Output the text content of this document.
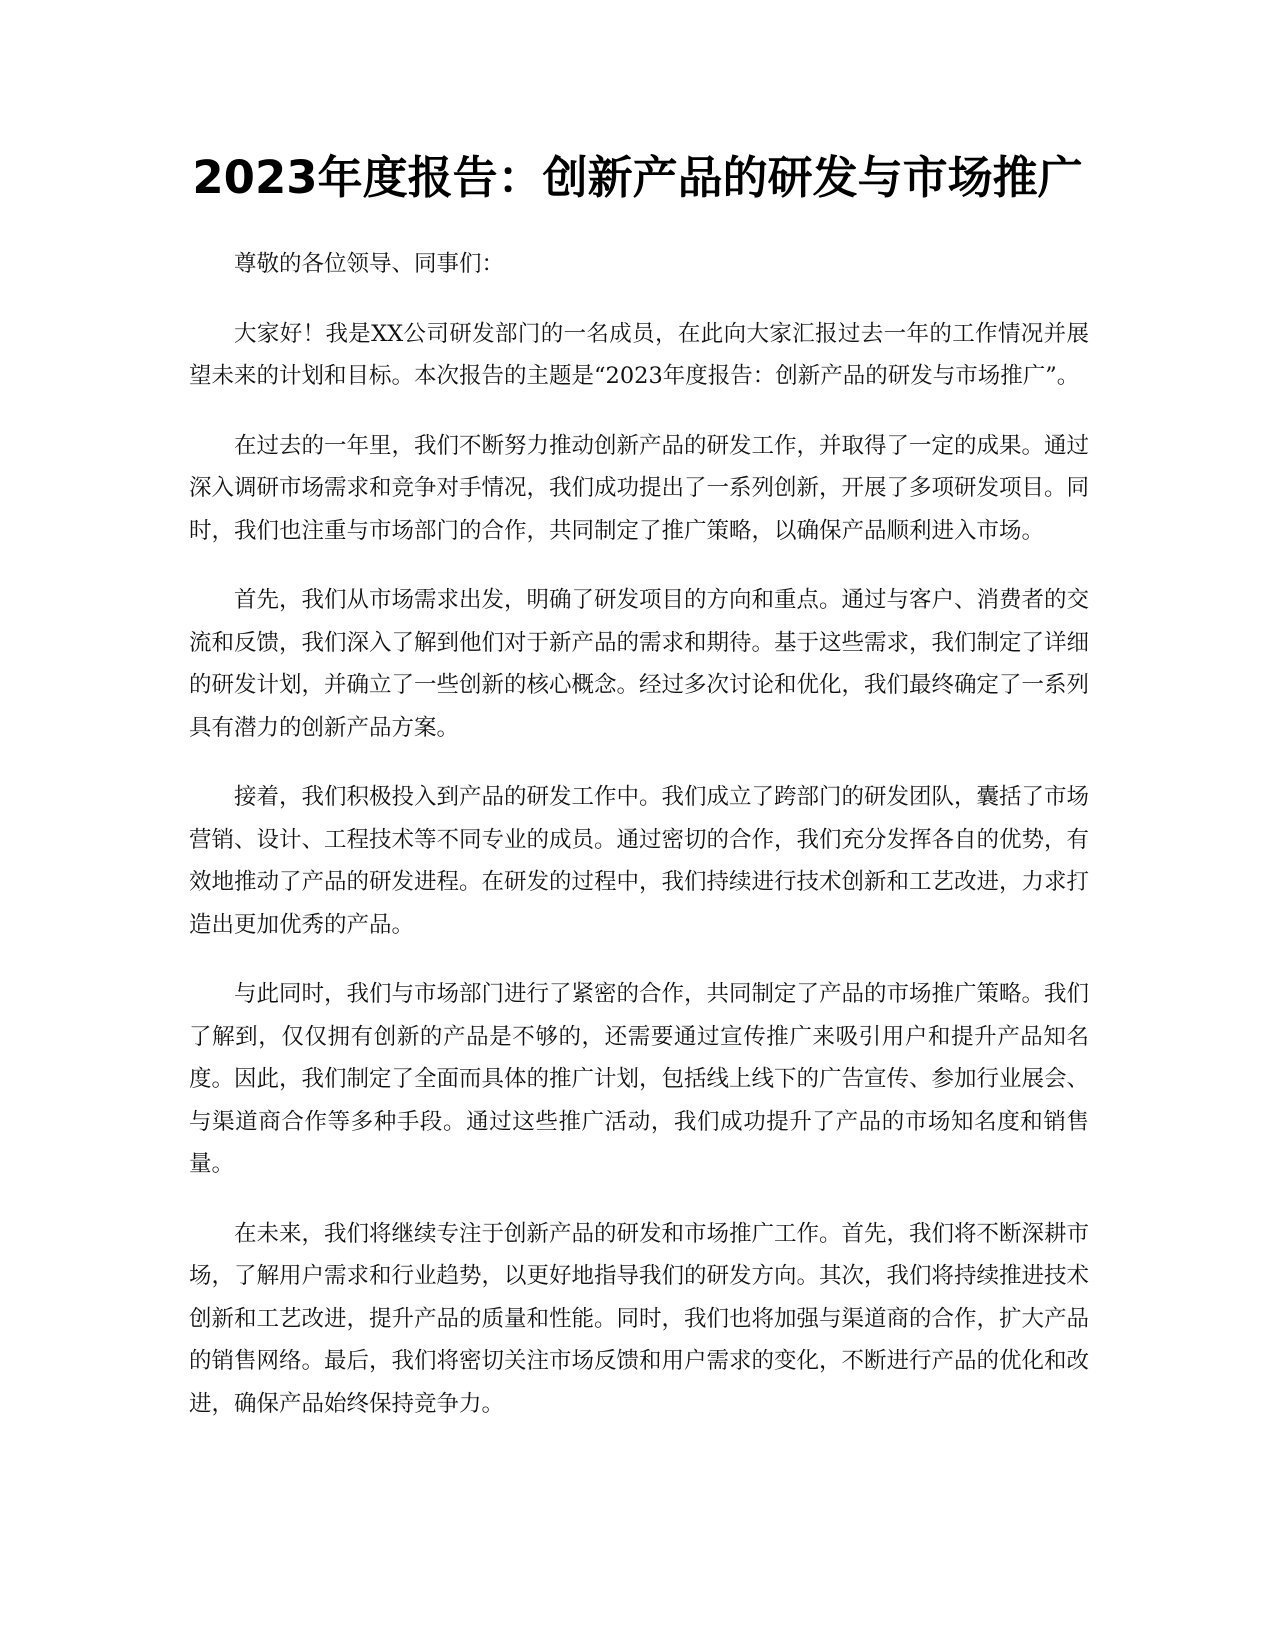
2023年度报告：创新产品的研发与市场推广

尊敬的各位领导、同事们：

大家好！我是XX公司研发部门的一名成员，在此向大家汇报过去一年的工作情况并展望未来的计划和目标。本次报告的主题是“2023年度报告：创新产品的研发与市场推广”。

在过去的一年里，我们不断努力推动创新产品的研发工作，并取得了一定的成果。通过深入调研市场需求和竞争对手情况，我们成功提出了一系列创新，开展了多项研发项目。同时，我们也注重与市场部门的合作，共同制定了推广策略，以确保产品顺利进入市场。

首先，我们从市场需求出发，明确了研发项目的方向和重点。通过与客户、消费者的交流和反馈，我们深入了解到他们对于新产品的需求和期待。基于这些需求，我们制定了详细的研发计划，并确立了一些创新的核心概念。经过多次讨论和优化，我们最终确定了一系列具有潜力的创新产品方案。

接着，我们积极投入到产品的研发工作中。我们成立了跨部门的研发团队，囊括了市场营销、设计、工程技术等不同专业的成员。通过密切的合作，我们充分发挥各自的优势，有效地推动了产品的研发进程。在研发的过程中，我们持续进行技术创新和工艺改进，力求打造出更加优秀的产品。

与此同时，我们与市场部门进行了紧密的合作，共同制定了产品的市场推广策略。我们了解到，仅仅拥有创新的产品是不够的，还需要通过宣传推广来吸引用户和提升产品知名度。因此，我们制定了全面而具体的推广计划，包括线上线下的广告宣传、参加行业展会、与渠道商合作等多种手段。通过这些推广活动，我们成功提升了产品的市场知名度和销售量。

在未来，我们将继续专注于创新产品的研发和市场推广工作。首先，我们将不断深耕市场，了解用户需求和行业趋势，以更好地指导我们的研发方向。其次，我们将持续推进技术创新和工艺改进，提升产品的质量和性能。同时，我们也将加强与渠道商的合作，扩大产品的销售网络。最后，我们将密切关注市场反馈和用户需求的变化，不断进行产品的优化和改进，确保产品始终保持竞争力。
